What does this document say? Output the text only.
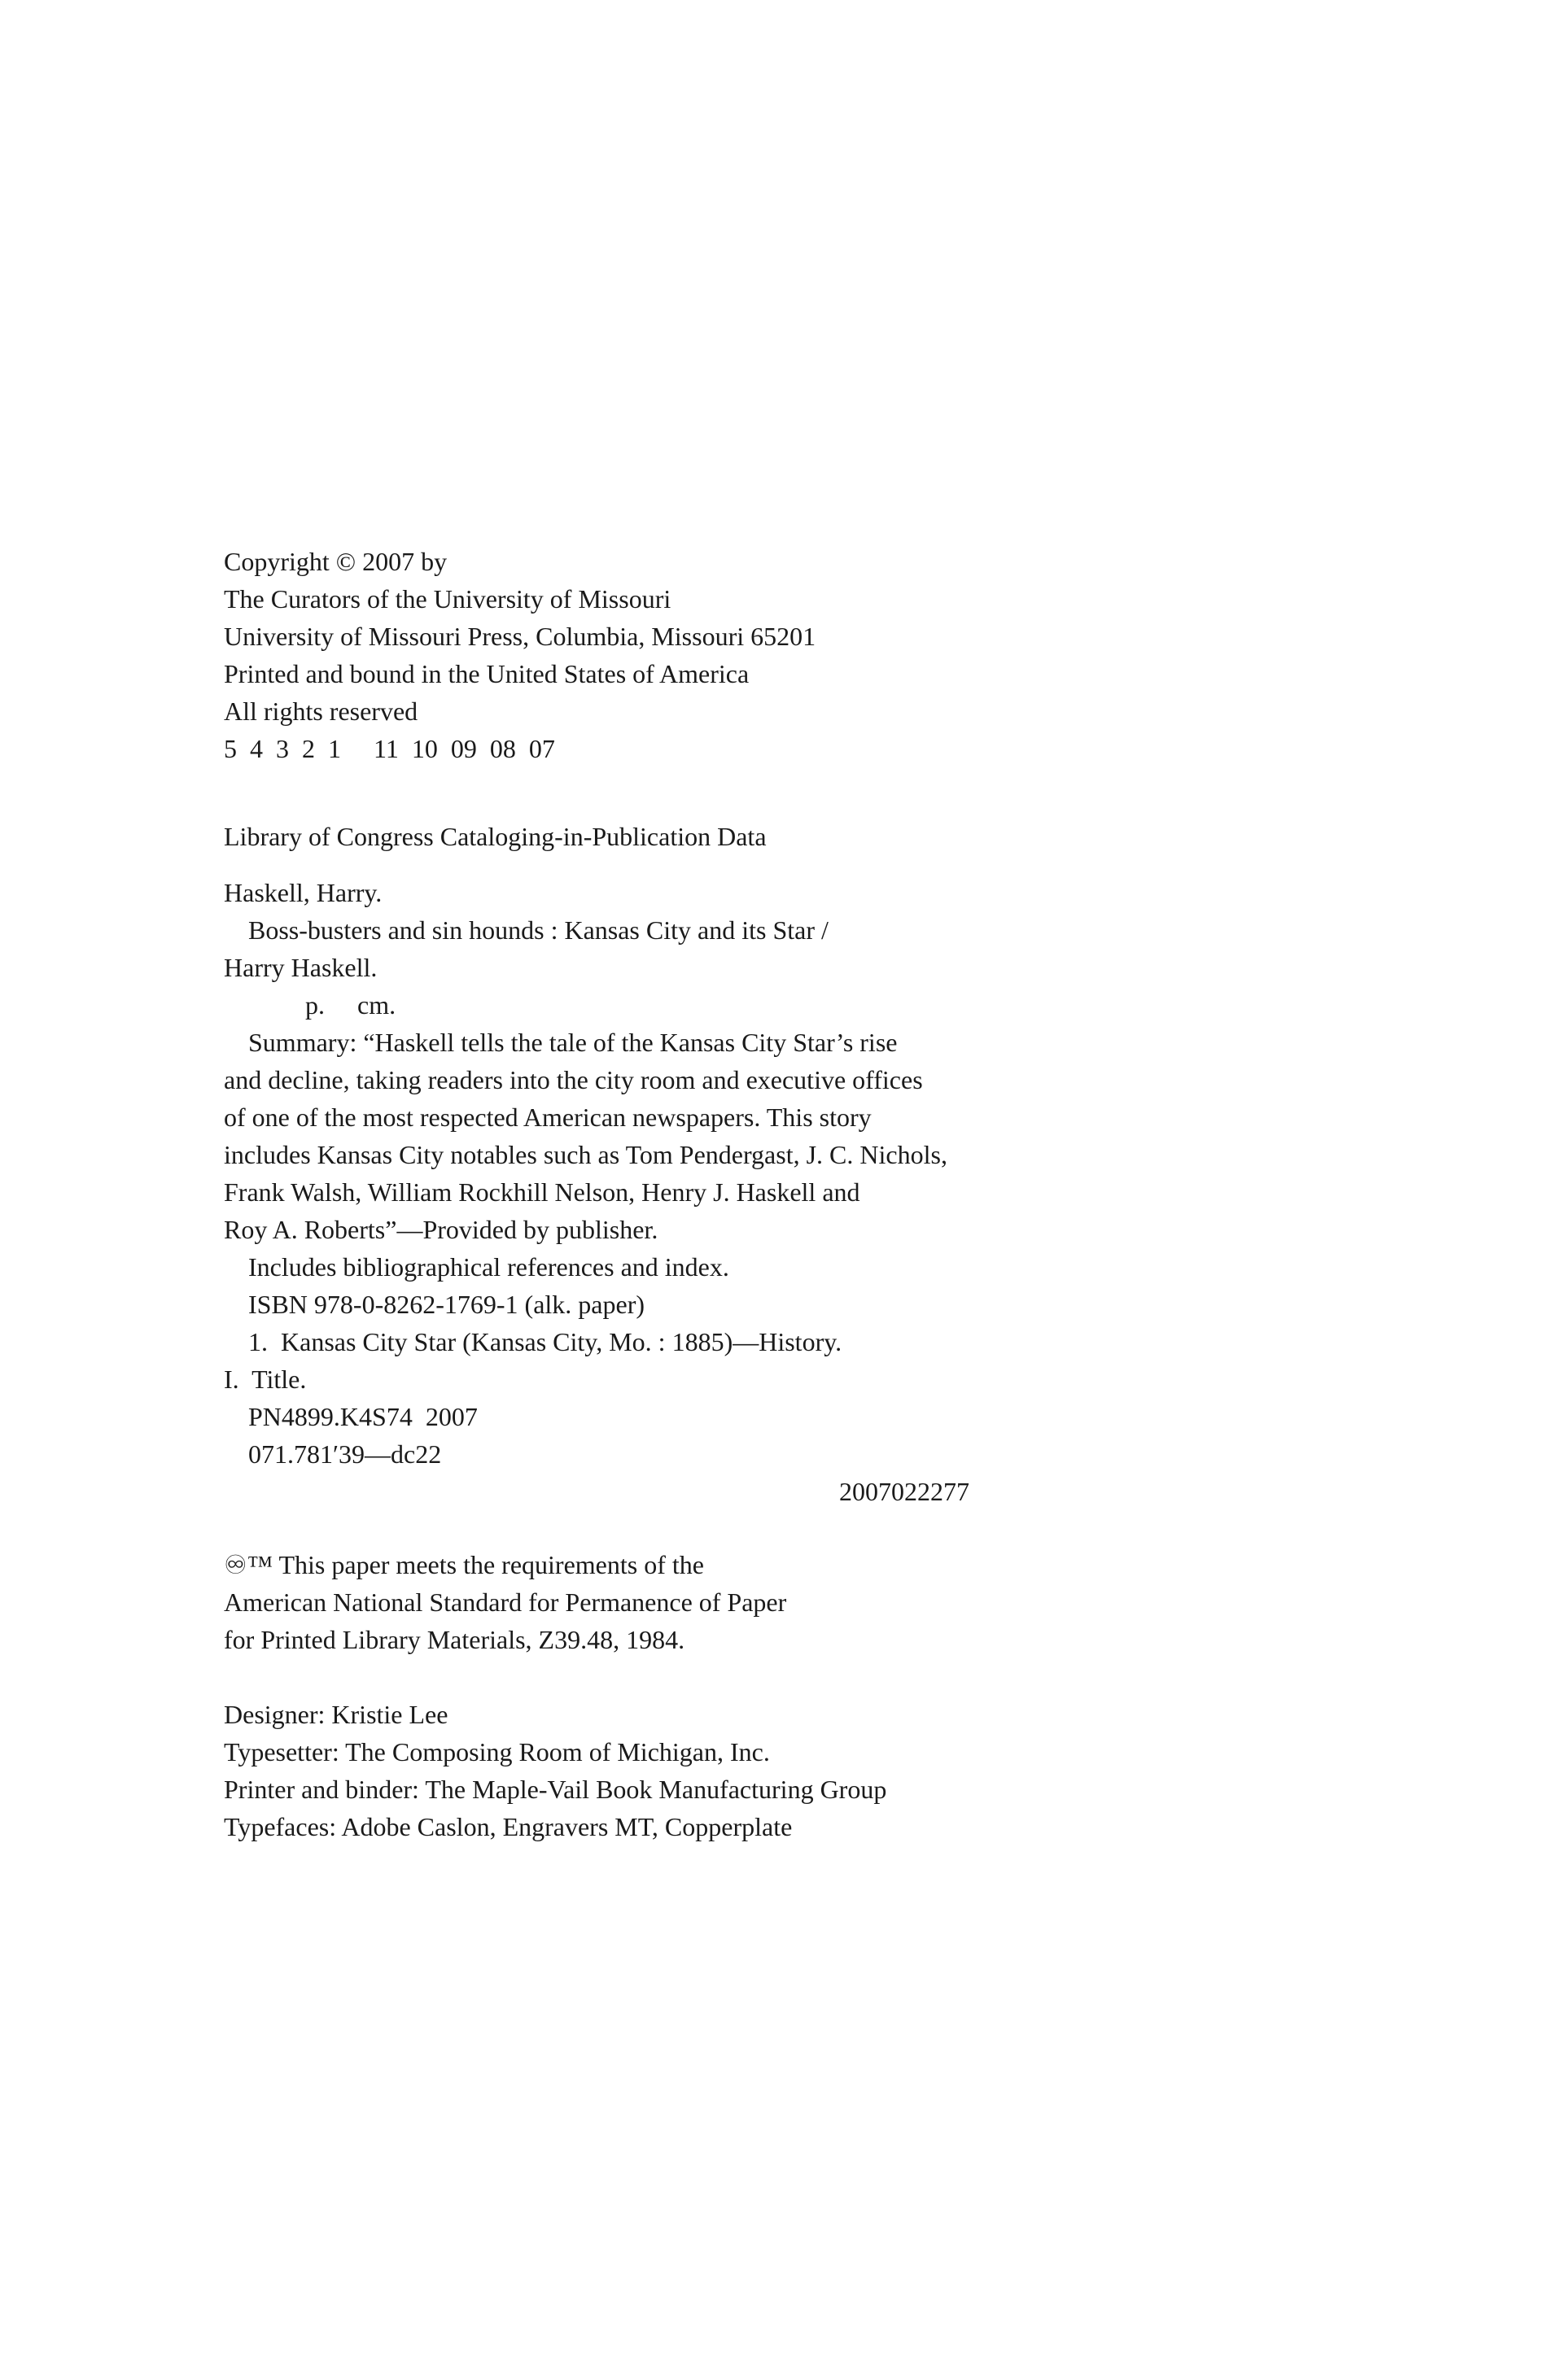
Copyright © 2007 by

The Curators of the University of Missouri

University of Missouri Press, Columbia, Missouri 65201

Printed and bound in the United States of America

All rights reserved

5  4  3  2  1     11  10  09  08  07

Library of Congress Cataloging-in-Publication Data

Haskell, Harry.

Boss-busters and sin hounds : Kansas City and its Star /

Harry Haskell.

p.     cm.

Summary: “Haskell tells the tale of the Kansas City Star’s rise

and decline, taking readers into the city room and executive offices

of one of the most respected American newspapers. This story

includes Kansas City notables such as Tom Pendergast, J. C. Nichols,

Frank Walsh, William Rockhill Nelson, Henry J. Haskell and

Roy A. Roberts”—Provided by publisher.

Includes bibliographical references and index.

ISBN 978-0-8262-1769-1 (alk. paper)

1.  Kansas City Star (Kansas City, Mo. : 1885)—History.

I.  Title.

PN4899.K4S74  2007

071.781′39—dc22

2007022277

♾™ This paper meets the requirements of the

American National Standard for Permanence of Paper

for Printed Library Materials, Z39.48, 1984.

Designer: Kristie Lee

Typesetter: The Composing Room of Michigan, Inc.

Printer and binder: The Maple-Vail Book Manufacturing Group

Typefaces: Adobe Caslon, Engravers MT, Copperplate
